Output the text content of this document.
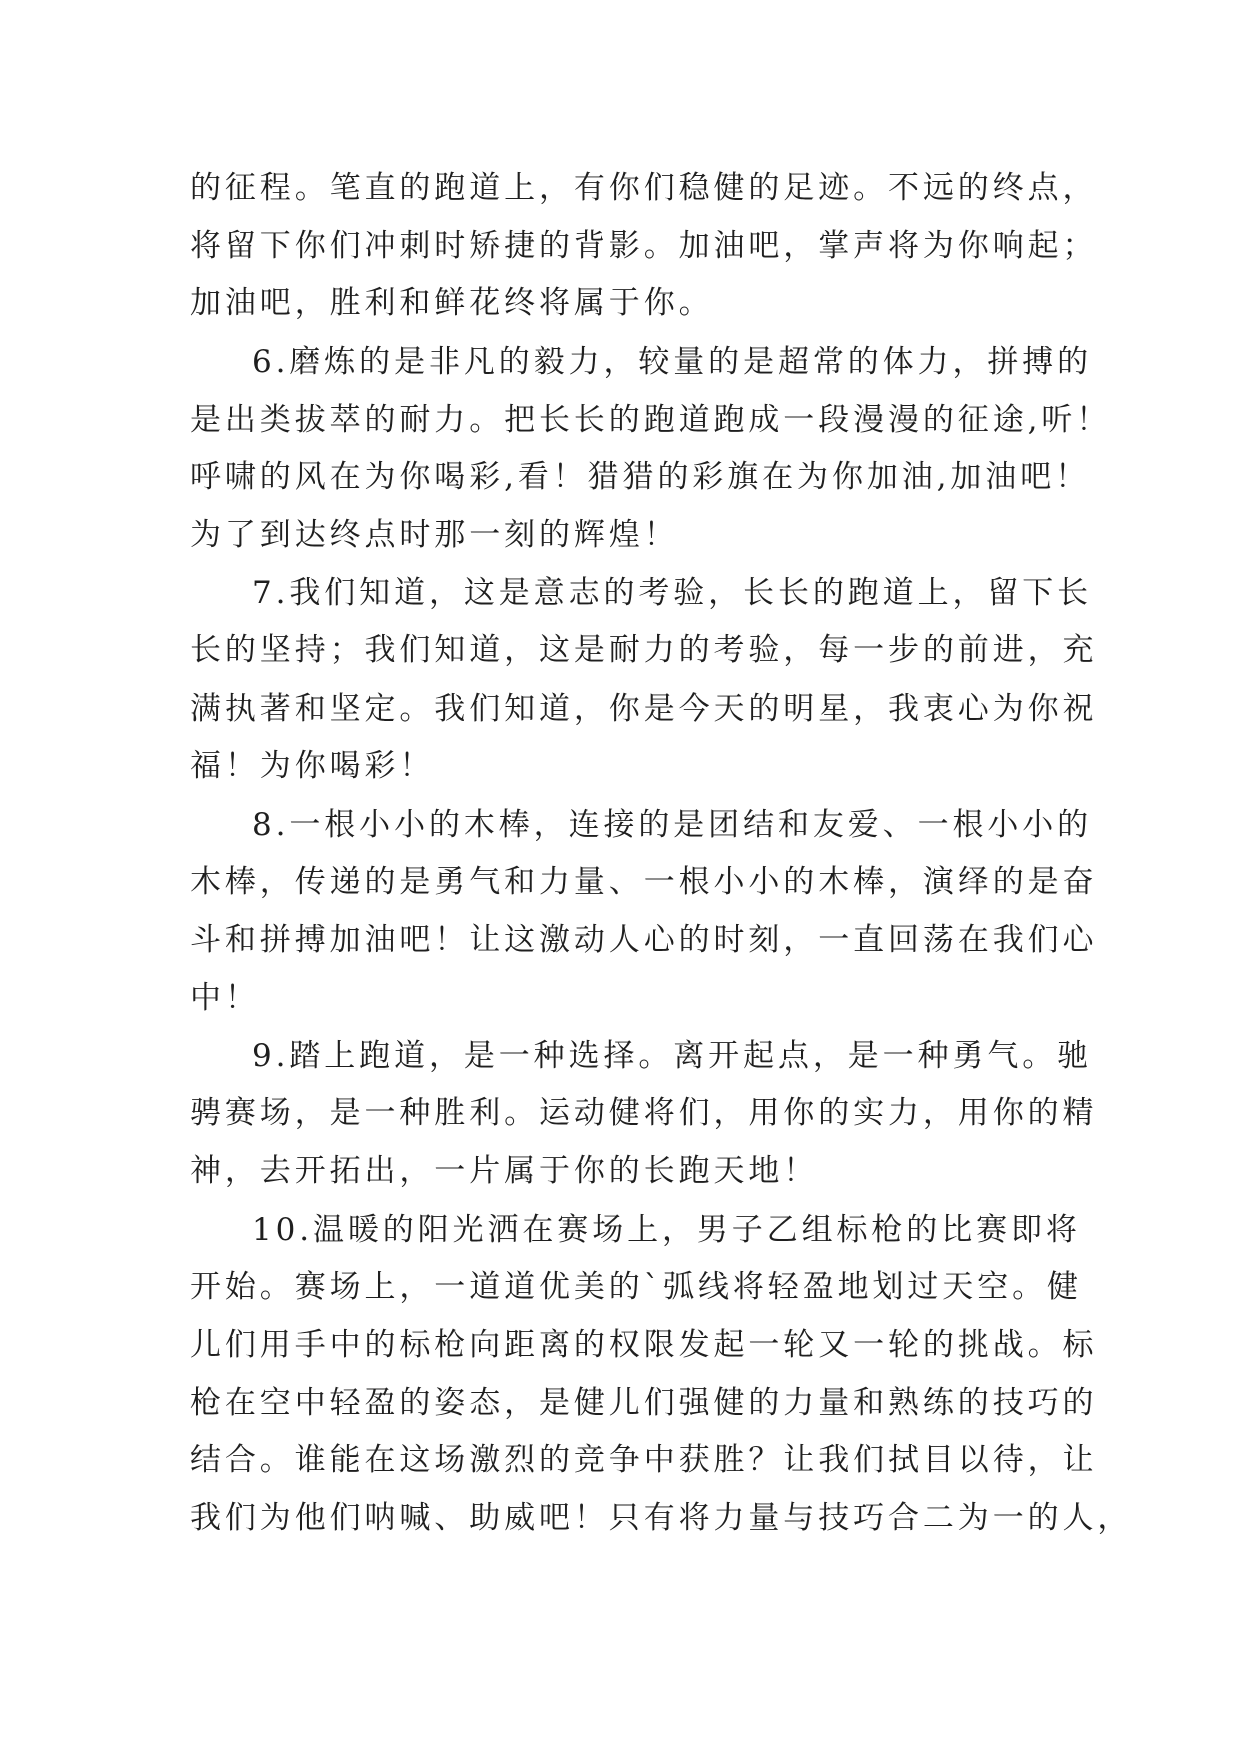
的征程。笔直的跑道上，有你们稳健的足迹。不远的终点，

将留下你们冲刺时矫捷的背影。加油吧，掌声将为你响起；

加油吧，胜利和鲜花终将属于你。

6.磨炼的是非凡的毅力，较量的是超常的体力，拼搏的

是出类拔萃的耐力。把长长的跑道跑成一段漫漫的征途,听！

呼啸的风在为你喝彩,看！猎猎的彩旗在为你加油,加油吧！

为了到达终点时那一刻的辉煌！

7.我们知道，这是意志的考验，长长的跑道上，留下长

长的坚持；我们知道，这是耐力的考验，每一步的前进，充

满执著和坚定。我们知道，你是今天的明星，我衷心为你祝

福！为你喝彩！

8.一根小小的木棒，连接的是团结和友爱、一根小小的

木棒，传递的是勇气和力量、一根小小的木棒，演绎的是奋

斗和拼搏加油吧！让这激动人心的时刻，一直回荡在我们心

中！

9.踏上跑道，是一种选择。离开起点，是一种勇气。驰

骋赛场，是一种胜利。运动健将们，用你的实力，用你的精

神，去开拓出，一片属于你的长跑天地！

10.温暖的阳光洒在赛场上，男子乙组标枪的比赛即将

开始。赛场上，一道道优美的`弧线将轻盈地划过天空。健

儿们用手中的标枪向距离的权限发起一轮又一轮的挑战。标

枪在空中轻盈的姿态，是健儿们强健的力量和熟练的技巧的

结合。谁能在这场激烈的竞争中获胜？让我们拭目以待，让

我们为他们呐喊、助威吧！只有将力量与技巧合二为一的人，
